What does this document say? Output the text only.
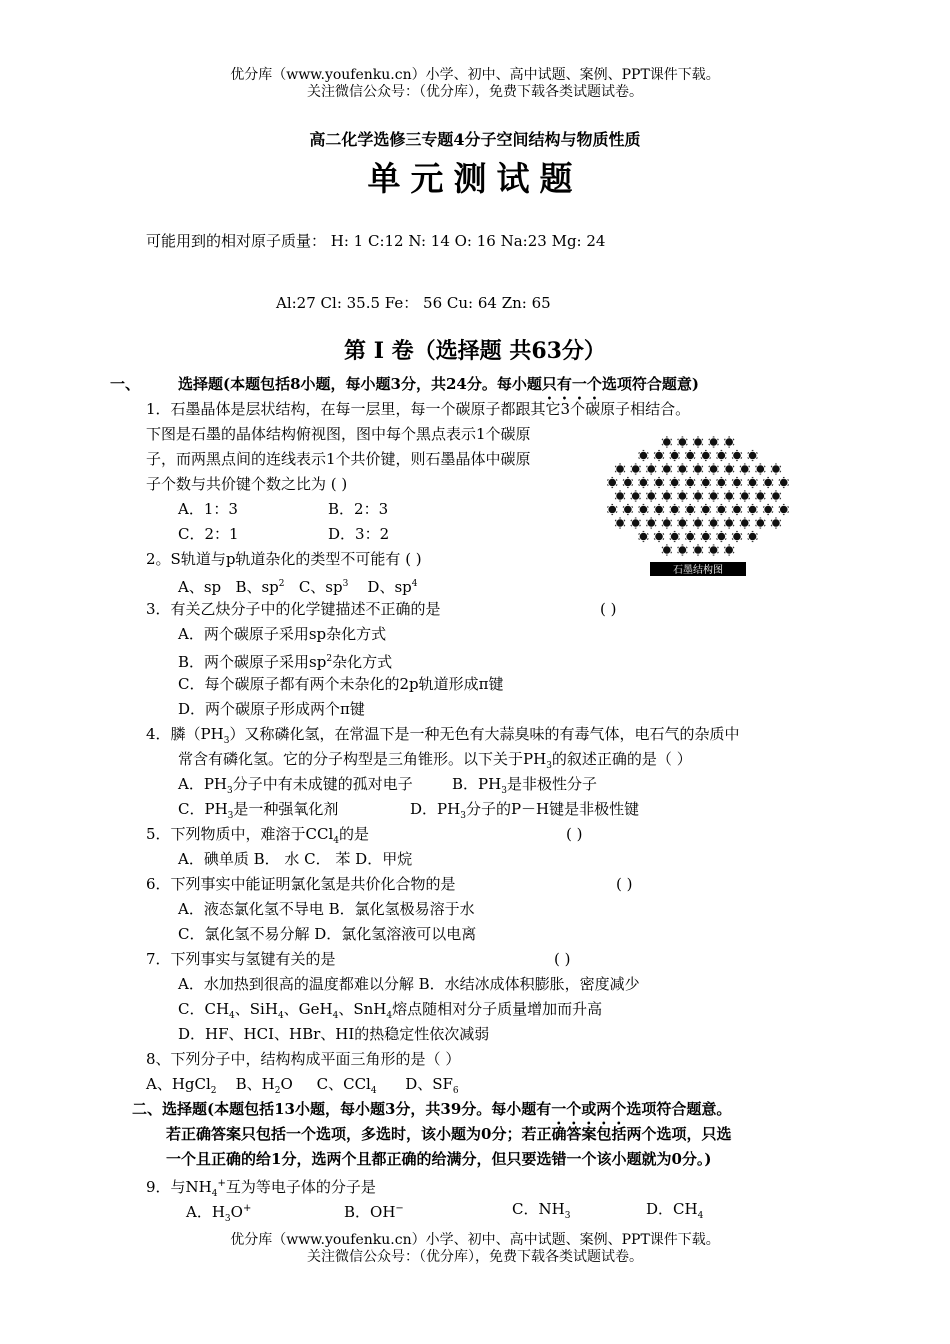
优分库（www.youfenku.cn）小学、初中、高中试题、案例、PPT课件下载。
关注微信公众号：（优分库），免费下载各类试题试卷。
高二化学选修三专题4分子空间结构与物质性质
单元测试题
可能用到的相对原子质量： H: 1 C:12 N: 14 O: 16 Na:23 Mg: 24
Al:27 Cl: 35.5 Fe： 56 Cu: 64 Zn: 65
第 Ⅰ 卷（选择题 共63分）
一、	选择题(本题包括8小题，每小题3分，共24分。每小题只有一个选项符合题意)
1．石墨晶体是层状结构，在每一层里，每一个碳原子都跟其它3个碳原子相结合。
下图是石墨的晶体结构俯视图，图中每个黑点表示1个碳原
子，而两黑点间的连线表示1个共价键，则石墨晶体中碳原
子个数与共价键个数之比为 ( )
A．1：3	B．2：3
C．2：1	D．3：2
石墨结构图
2。S轨道与p轨道杂化的类型不可能有 ( )
A、sp B、$sp^2$ C、$sp^3$ D、$sp^4$
3．有关乙炔分子中的化学键描述不正确的是	( )
A．两个碳原子采用sp杂化方式
B．两个碳原子采用$sp^2$杂化方式
C．每个碳原子都有两个未杂化的2p轨道形成π键
D．两个碳原子形成两个π键
4．膦$(PH_3)$又称磷化氢，在常温下是一种无色有大蒜臭味的有毒气体，电石气的杂质中
常含有磷化氢。它的分子构型是三角锥形。以下关于$PH_3$的叙述正确的是（ ）
A．$PH_3$分子中有未成键的孤对电子	B．$PH_3$是非极性分子
C．$PH_3$是一种强氧化剂	D．$PH_3$分子的P－H键是非极性键
5．下列物质中，难溶于CCl$_4$的是	( )
A．碘单质 B． 水 C． 苯 D．甲烷
6．下列事实中能证明氯化氢是共价化合物的是	( )
A．液态氯化氢不导电 B．氯化氢极易溶于水
C．氯化氢不易分解 D．氯化氢溶液可以电离
7．下列事实与氢键有关的是	( )
A．水加热到很高的温度都难以分解 B．水结冰成体积膨胀，密度减少
C．$CH_4$、SiH$_4$、GeH$_4$、SnH$_4$熔点随相对分子质量增加而升高
D．HF、HCI、HBr、HI的热稳定性依次减弱
8、下列分子中，结构构成平面三角形的是（ ）
A、HgCl$_2$ B、$H_2O$ C、CCl$_4$ D、$SF_6$
二、选择题(本题包括13小题，每小题3分，共39分。每小题有一个或两个选项符合题意。
若正确答案只包括一个选项，多选时，该小题为0分；若正确答案包括两个选项，只选
一个且正确的给1分，选两个且都正确的给满分，但只要选错一个该小题就为0分。)
9．与$NH_4^+$互为等电子体的分子是
A．$H_3O^+$	B．OH−	C．$NH_3$	D．$CH_4$
优分库（www.youfenku.cn）小学、初中、高中试题、案例、PPT课件下载。
关注微信公众号：（优分库），免费下载各类试题试卷。
